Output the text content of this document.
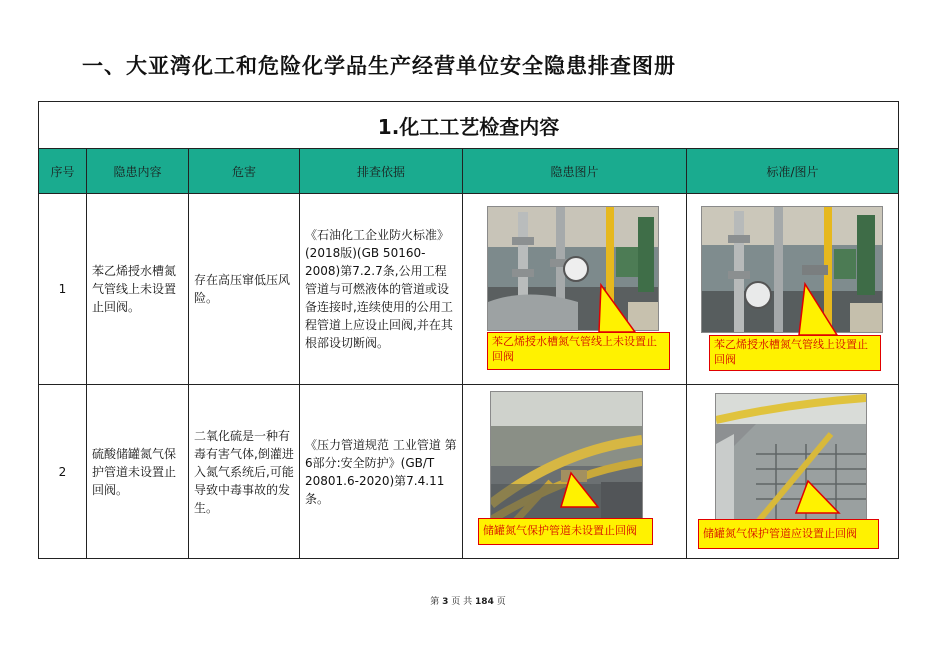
一、大亚湾化工和危险化学品生产经营单位安全隐患排查图册
1.化工工艺检查内容					
序号	隐患内容	危害	排查依据	隐患图片	标准/图片
1	苯乙烯授水槽氮气管线上未设置止回阀。	存在高压窜低压风险。	《石油化工企业防火标准》(2018版)(GB 50160-2008)第7.2.7条,公用工程管道与可燃液体的管道或设备连接时,连续使用的公用工程管道上应设止回阀,并在其根部设切断阀。	苯乙烯授水槽氮气管线上未设置止回阀	苯乙烯授水槽氮气管线上设置止回阀

2	硫酸储罐氮气保护管道未设置止回阀。	二氧化硫是一种有毒有害气体,倒灌进入氮气系统后,可能导致中毒事故的发生。	《压力管道规范 工业管道 第6部分:安全防护》(GB/T 20801.6-2020)第7.4.11条。	储罐氮气保护管道未设置止回阀	储罐氮气保护管道应设置止回阀
第 3 页 共 184 页
